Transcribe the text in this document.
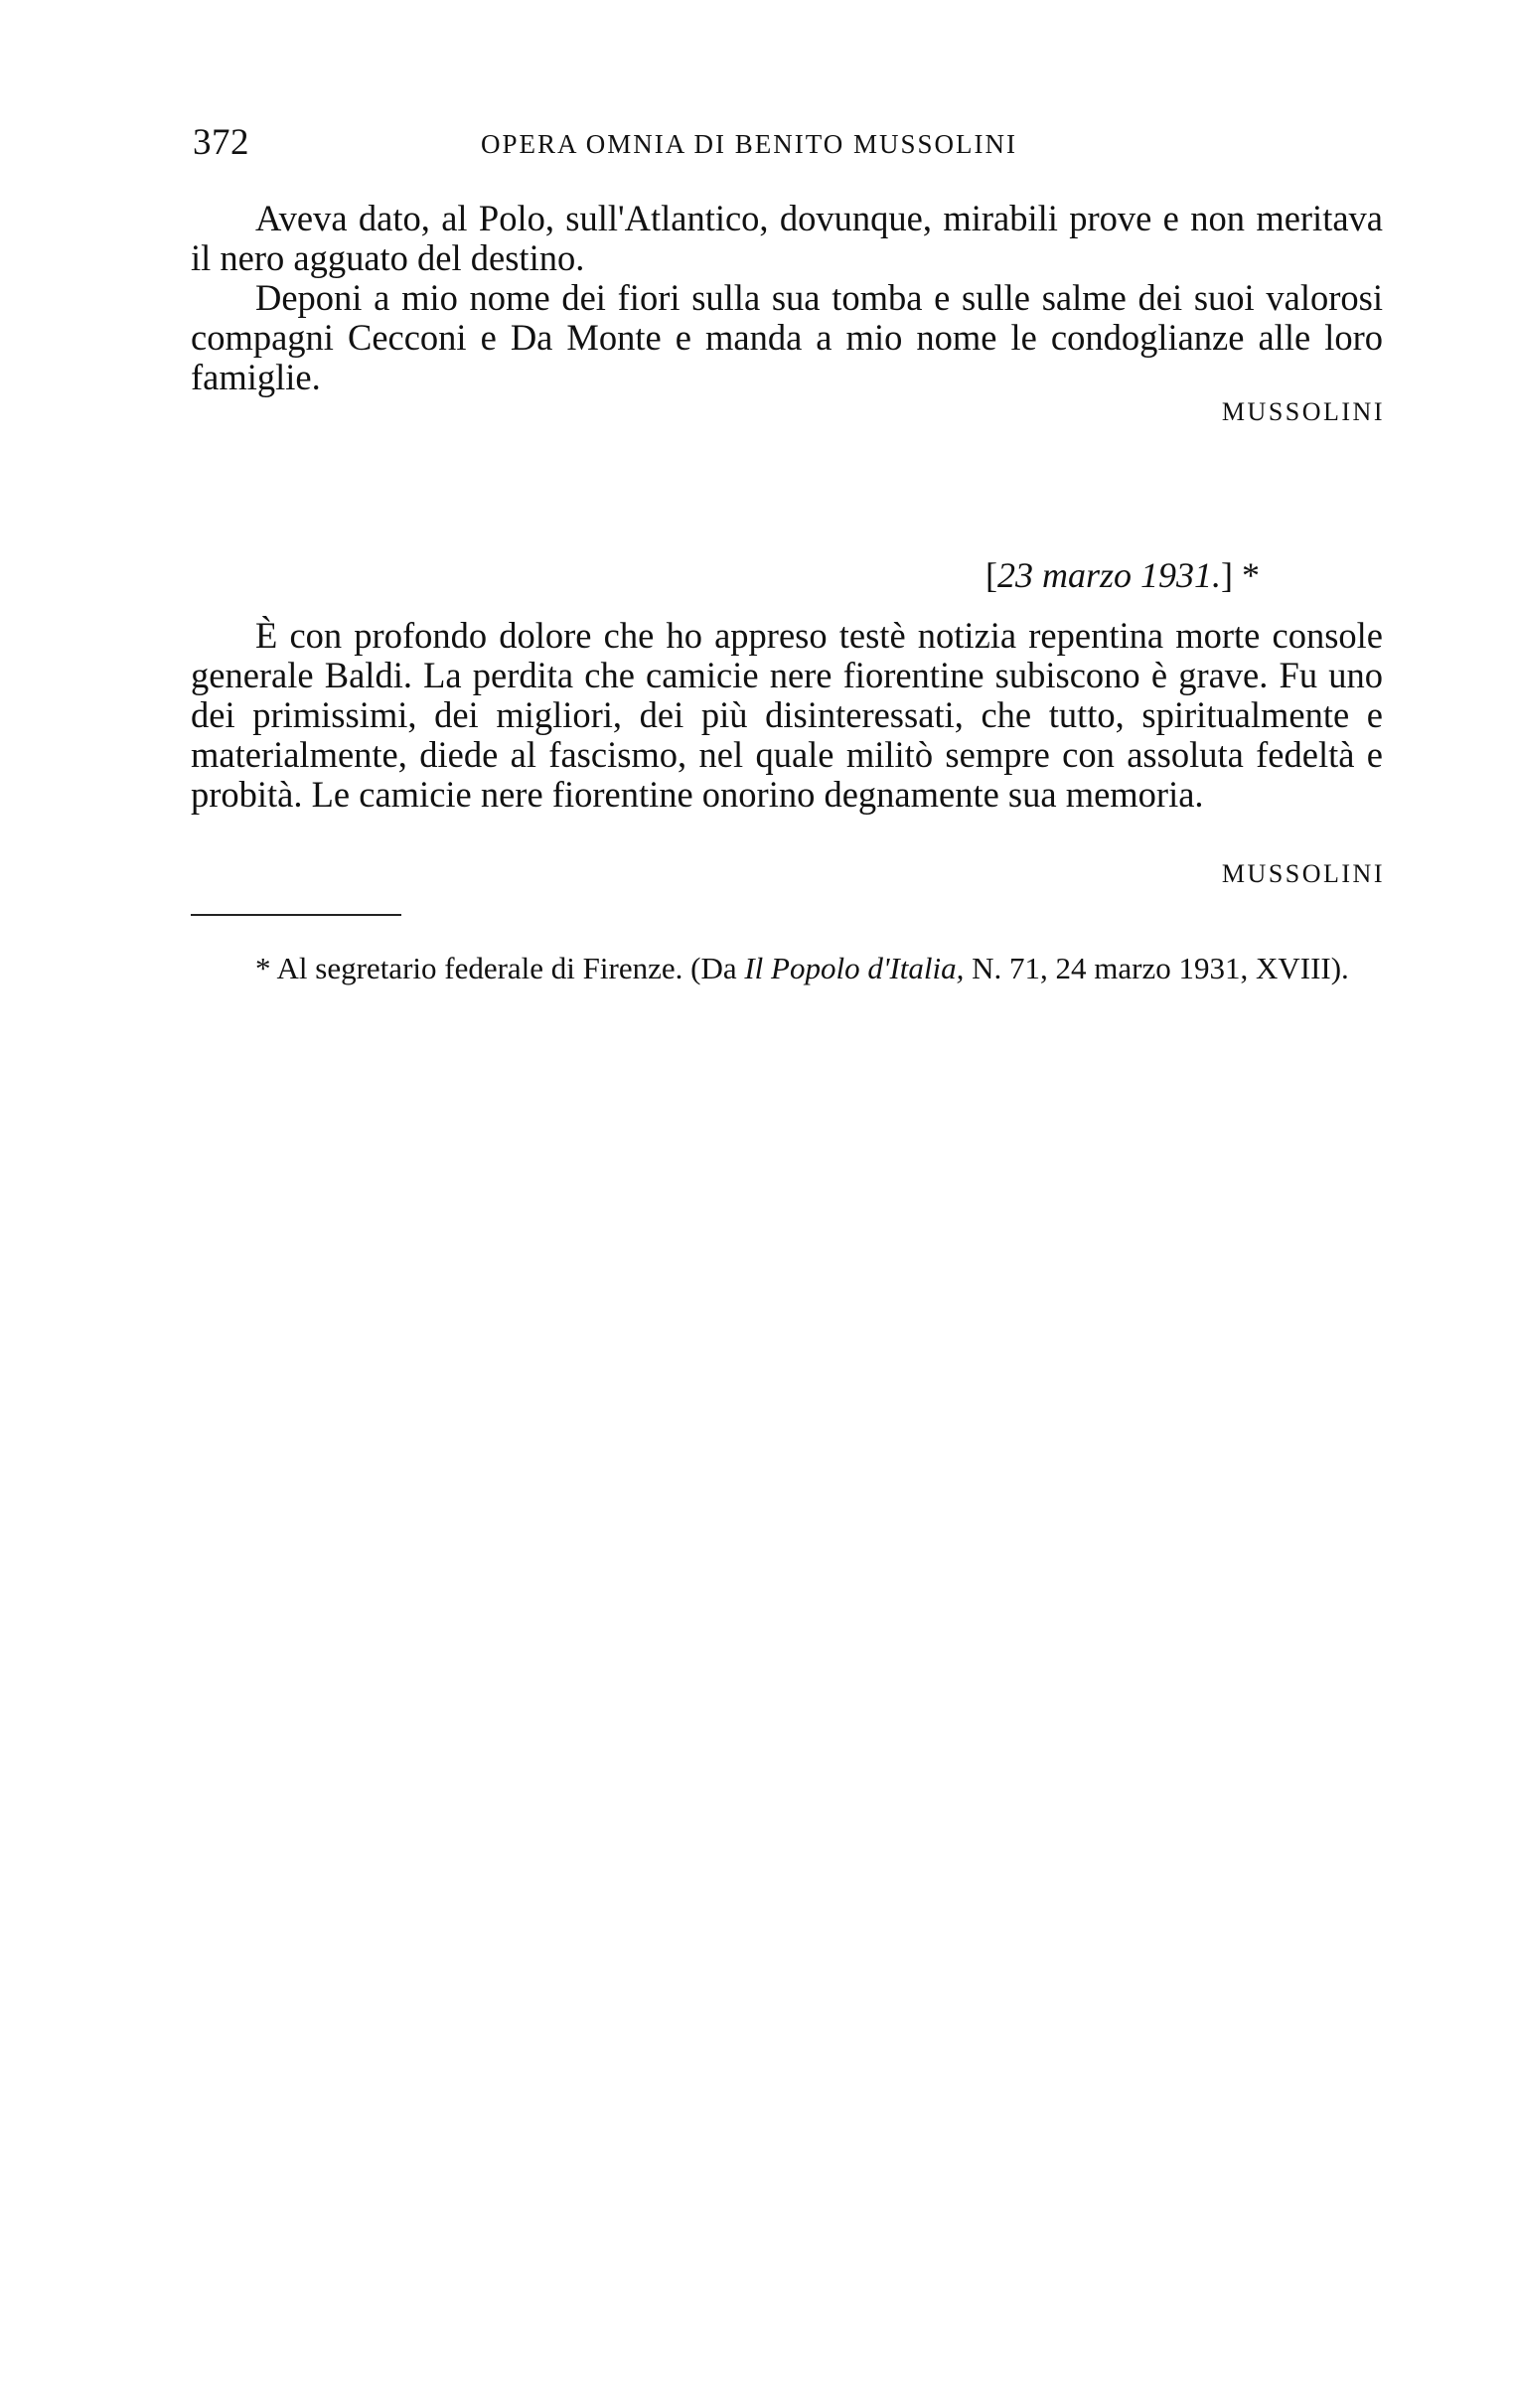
372	OPERA OMNIA DI BENITO MUSSOLINI

Aveva dato, al Polo, sull'Atlantico, dovunque, mirabili prove e non meritava il nero agguato del destino.

Deponi a mio nome dei fiori sulla sua tomba e sulle salme dei suoi valorosi compagni Cecconi e Da Monte e manda a mio nome le condoglianze alle loro famiglie.

MUSSOLINI
[23 marzo 1931.] *

È con profondo dolore che ho appreso testè notizia repentina morte console generale Baldi. La perdita che camicie nere fiorentine subiscono è grave. Fu uno dei primissimi, dei migliori, dei più disinteressati, che tutto, spiritualmente e materialmente, diede al fascismo, nel quale militò sempre con assoluta fedeltà e probità. Le camicie nere fiorentine onorino degnamente sua memoria.

MUSSOLINI

* Al segretario federale di Firenze. (Da Il Popolo d'Italia, N. 71, 24 marzo 1931, XVIII).
